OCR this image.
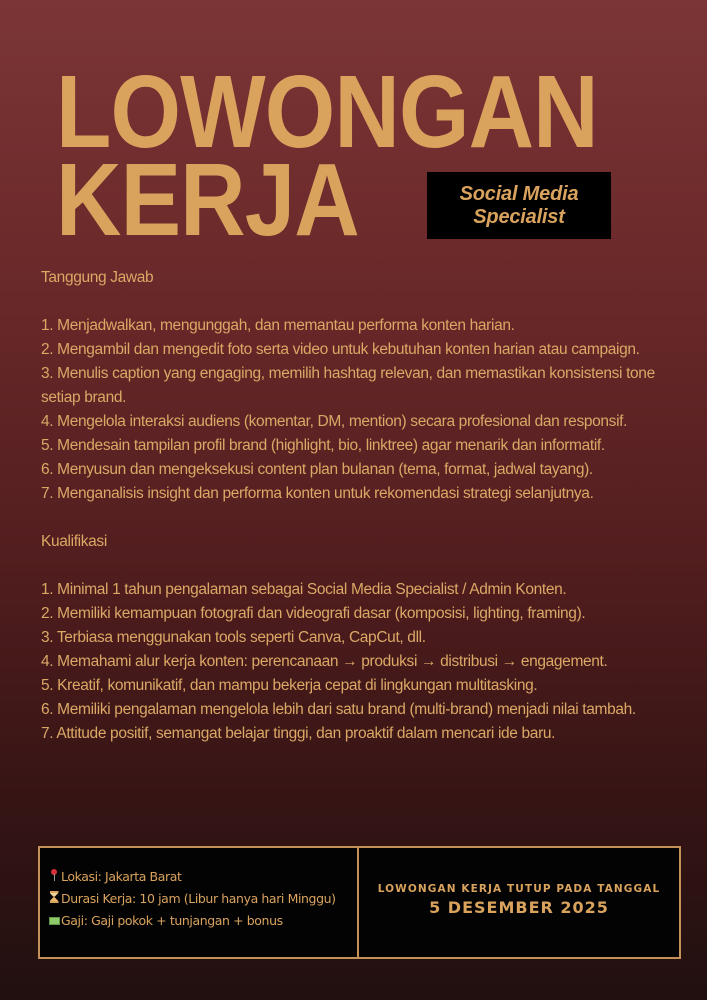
LOWONGAN
KERJA	Social Media
Specialist
Tanggung Jawab
1. Menjadwalkan, mengunggah, dan memantau performa konten harian.
2. Mengambil dan mengedit foto serta video untuk kebutuhan konten harian atau campaign.
3. Menulis caption yang engaging, memilih hashtag relevan, dan memastikan konsistensi tone setiap brand.
4. Mengelola interaksi audiens (komentar, DM, mention) secara profesional dan responsif.
5. Mendesain tampilan profil brand (highlight, bio, linktree) agar menarik dan informatif.
6. Menyusun dan mengeksekusi content plan bulanan (tema, format, jadwal tayang).
7. Menganalisis insight dan performa konten untuk rekomendasi strategi selanjutnya.
Kualifikasi
1. Minimal 1 tahun pengalaman sebagai Social Media Specialist / Admin Konten.
2. Memiliki kemampuan fotografi dan videografi dasar (komposisi, lighting, framing).
3. Terbiasa menggunakan tools seperti Canva, CapCut, dll.
4. Memahami alur kerja konten: perencanaan → produksi → distribusi → engagement.
5. Kreatif, komunikatif, dan mampu bekerja cepat di lingkungan multitasking.
6. Memiliki pengalaman mengelola lebih dari satu brand (multi-brand) menjadi nilai tambah.
7. Attitude positif, semangat belajar tinggi, dan proaktif dalam mencari ide baru.
Lokasi: Jakarta Barat
Durasi Kerja: 10 jam (Libur hanya hari Minggu)
Gaji: Gaji pokok + tunjangan + bonus
LOWONGAN KERJA TUTUP PADA TANGGAL
5 DESEMBER 2025
